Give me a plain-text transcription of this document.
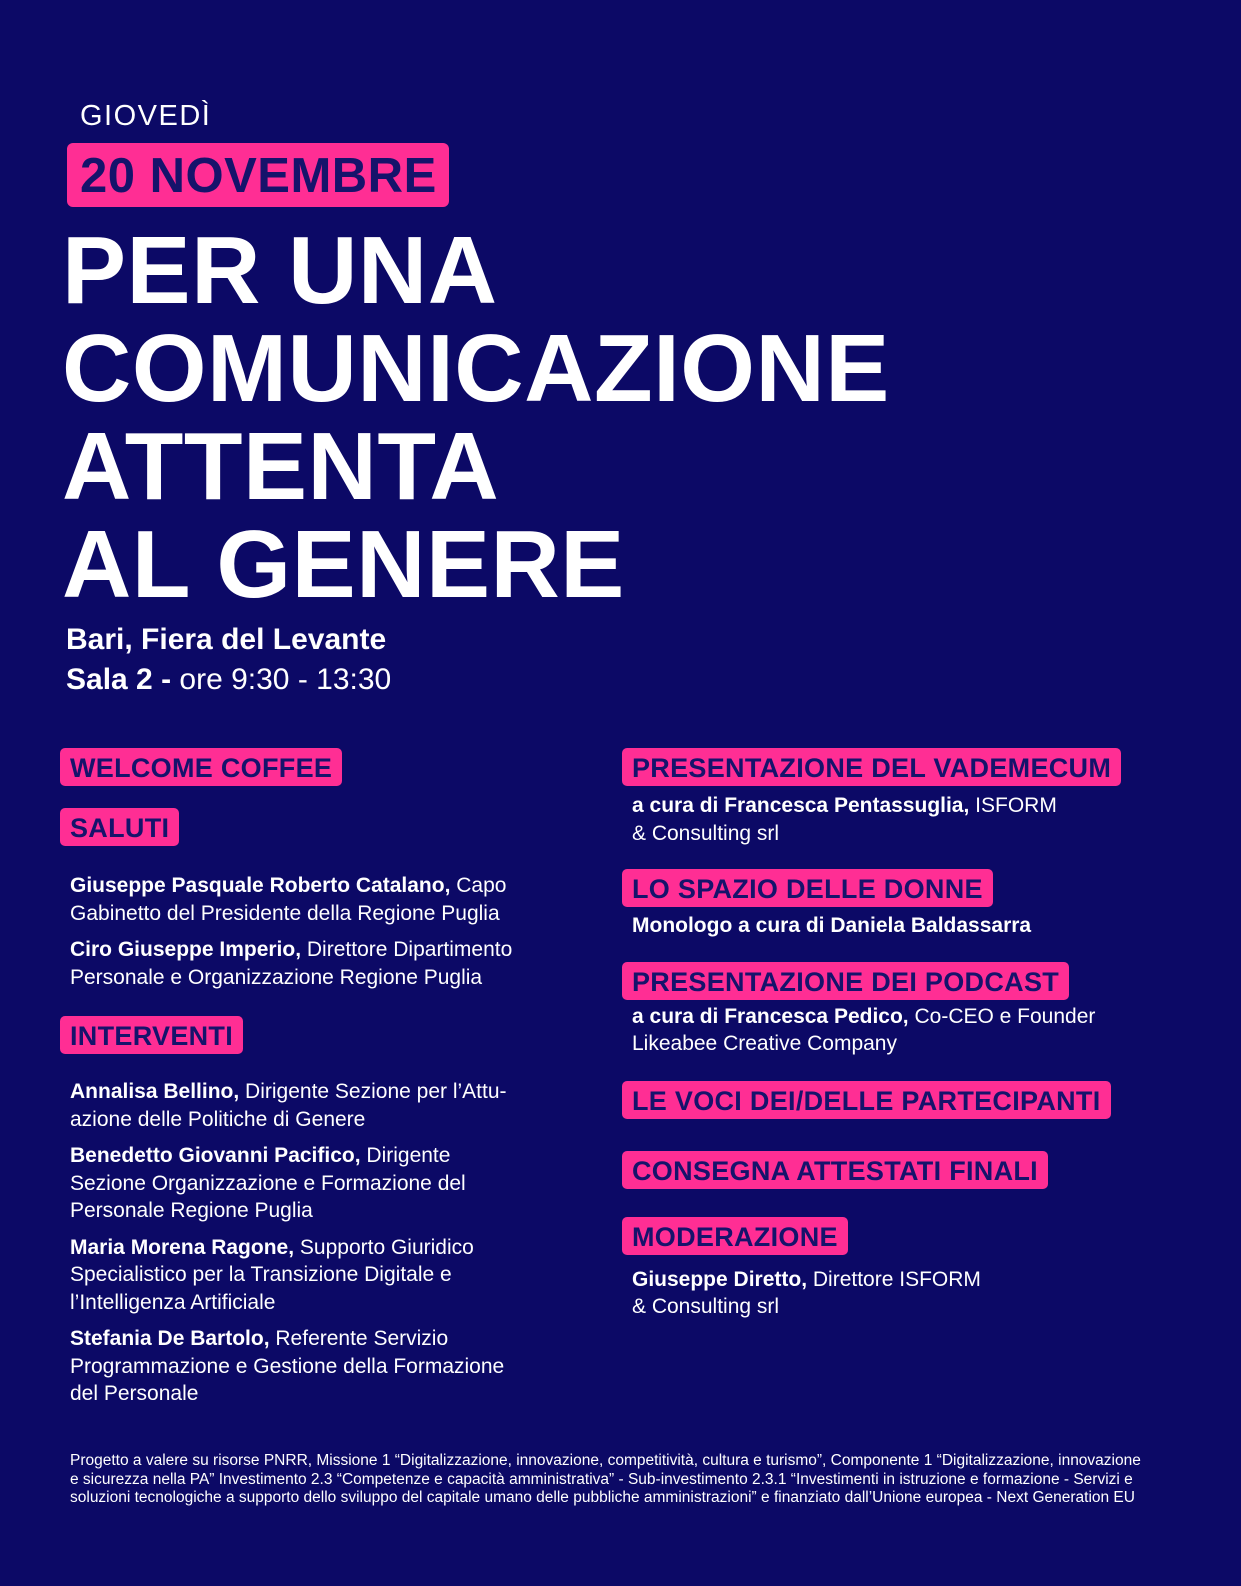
GIOVEDÌ
20 NOVEMBRE
PER UNA
COMUNICAZIONE
ATTENTA
AL GENERE
Bari, Fiera del Levante
Sala 2 - ore 9:30 - 13:30
WELCOME COFFEE
SALUTI
Giuseppe Pasquale Roberto Catalano, Capo
Gabinetto del Presidente della Regione Puglia
Ciro Giuseppe Imperio, Direttore Dipartimento
Personale e Organizzazione Regione Puglia
INTERVENTI
Annalisa Bellino, Dirigente Sezione per l’Attu-
azione delle Politiche di Genere
Benedetto Giovanni Pacifico, Dirigente
Sezione Organizzazione e Formazione del
Personale Regione Puglia
Maria Morena Ragone, Supporto Giuridico
Specialistico per la Transizione Digitale e
l’Intelligenza Artificiale
Stefania De Bartolo, Referente Servizio
Programmazione e Gestione della Formazione
del Personale
PRESENTAZIONE DEL VADEMECUM
a cura di Francesca Pentassuglia, ISFORM
& Consulting srl
LO SPAZIO DELLE DONNE
Monologo a cura di Daniela Baldassarra
PRESENTAZIONE DEI PODCAST
a cura di Francesca Pedico, Co-CEO e Founder
Likeabee Creative Company
LE VOCI DEI/DELLE PARTECIPANTI
CONSEGNA ATTESTATI FINALI
MODERAZIONE
Giuseppe Diretto, Direttore ISFORM
& Consulting srl
Progetto a valere su risorse PNRR, Missione 1 “Digitalizzazione, innovazione, competitività, cultura e turismo”, Componente 1 “Digitalizzazione, innovazione e sicurezza nella PA” Investimento 2.3 “Competenze e capacità amministrativa” - Sub-investimento 2.3.1 “Investimenti in istruzione e formazione - Servizi e soluzioni tecnologiche a supporto dello sviluppo del capitale umano delle pubbliche amministrazioni” e finanziato dall’Unione europea - Next Generation EU
